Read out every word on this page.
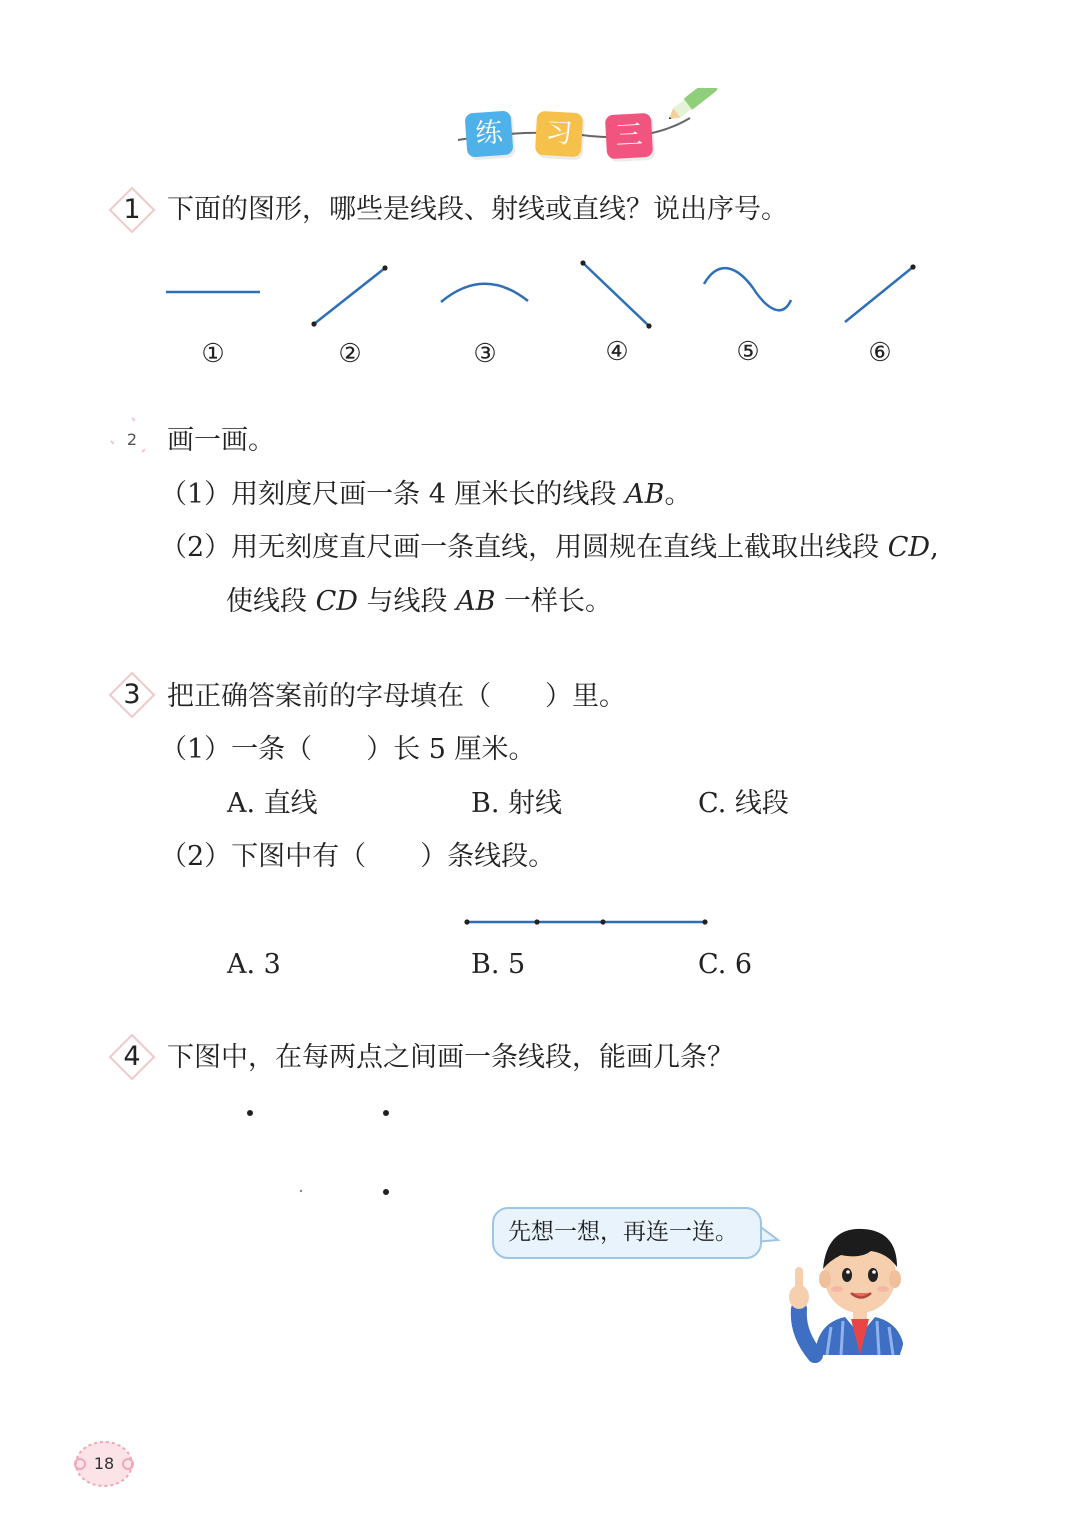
练	习	三
1 下面的图形，哪些是线段、射线或直线？说出序号。
①	②	③	④	⑤	⑥
2	画一画。
（1）用刻度尺画一条 4 厘米长的线段 AB。
（2）用无刻度直尺画一条直线，用圆规在直线上截取出线段 CD,
使线段 CD 与线段 AB 一样长。
3 把正确答案前的字母填在（　　）里。
（1）一条（　　）长 5 厘米。
A. 直线	B. 射线	C. 线段
（2）下图中有（　　）条线段。
A. 3	B. 5	C. 6
4 下图中，在每两点之间画一条线段，能画几条？
先想一想，再连一连。
18
